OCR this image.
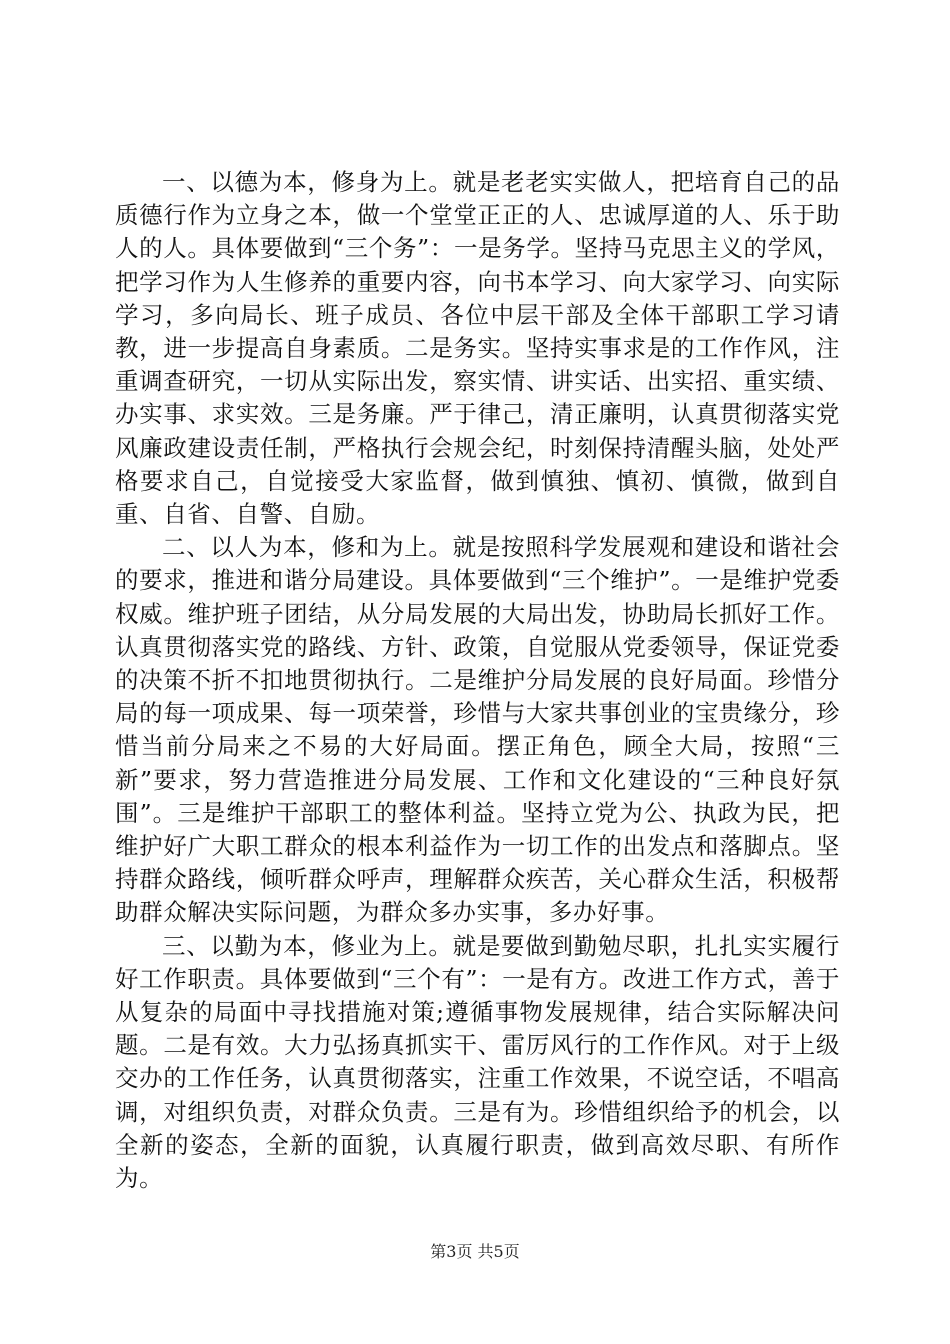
一、以德为本，修身为上。就是老老实实做人，把培育自己的品质德行作为立身之本，做一个堂堂正正的人、忠诚厚道的人、乐于助人的人。具体要做到“三个务”：一是务学。坚持马克思主义的学风，把学习作为人生修养的重要内容，向书本学习、向大家学习、向实际学习，多向局长、班子成员、各位中层干部及全体干部职工学习请教，进一步提高自身素质。二是务实。坚持实事求是的工作作风，注重调查研究，一切从实际出发，察实情、讲实话、出实招、重实绩、办实事、求实效。三是务廉。严于律己，清正廉明，认真贯彻落实党风廉政建设责任制，严格执行会规会纪，时刻保持清醒头脑，处处严格要求自己，自觉接受大家监督，做到慎独、慎初、慎微，做到自重、自省、自警、自励。

二、以人为本，修和为上。就是按照科学发展观和建设和谐社会的要求，推进和谐分局建设。具体要做到“三个维护”。一是维护党委权威。维护班子团结，从分局发展的大局出发，协助局长抓好工作。认真贯彻落实党的路线、方针、政策，自觉服从党委领导，保证党委的决策不折不扣地贯彻执行。二是维护分局发展的良好局面。珍惜分局的每一项成果、每一项荣誉，珍惜与大家共事创业的宝贵缘分，珍惜当前分局来之不易的大好局面。摆正角色，顾全大局，按照“三新”要求，努力营造推进分局发展、工作和文化建设的“三种良好氛围”。三是维护干部职工的整体利益。坚持立党为公、执政为民，把维护好广大职工群众的根本利益作为一切工作的出发点和落脚点。坚持群众路线，倾听群众呼声，理解群众疾苦，关心群众生活，积极帮助群众解决实际问题，为群众多办实事，多办好事。

三、以勤为本，修业为上。就是要做到勤勉尽职，扎扎实实履行好工作职责。具体要做到“三个有”：一是有方。改进工作方式，善于从复杂的局面中寻找措施对策;遵循事物发展规律，结合实际解决问题。二是有效。大力弘扬真抓实干、雷厉风行的工作作风。对于上级交办的工作任务，认真贯彻落实，注重工作效果，不说空话，不唱高调，对组织负责，对群众负责。三是有为。珍惜组织给予的机会，以全新的姿态，全新的面貌，认真履行职责，做到高效尽职、有所作为。

第3页 共5页
